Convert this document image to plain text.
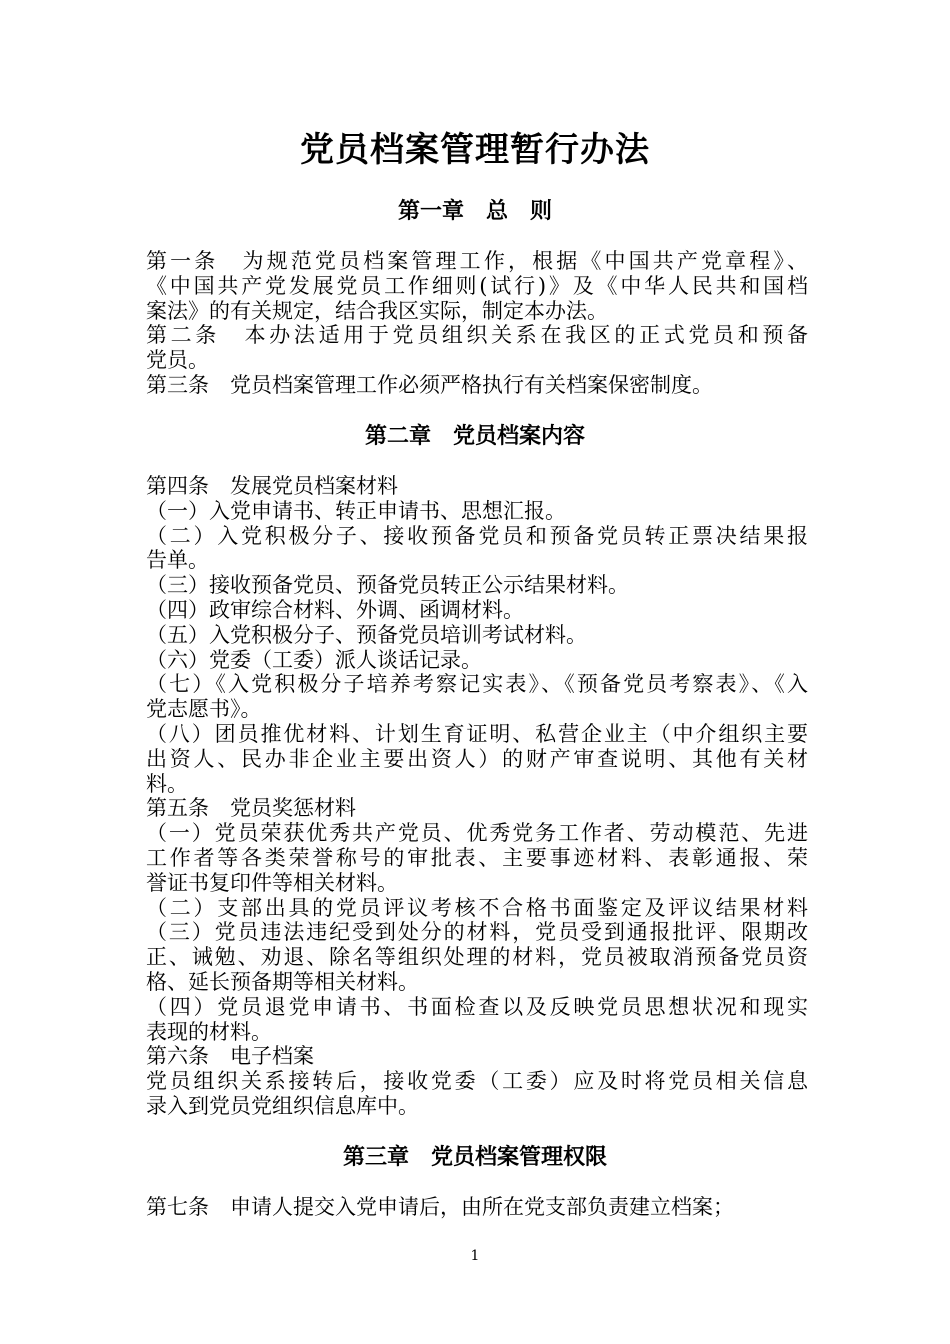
党员档案管理暂行办法
第一章　总　则
第一条　为规范党员档案管理工作，根据《中国共产党章程》、
《中国共产党发展党员工作细则(试行)》及《中华人民共和国档
案法》的有关规定，结合我区实际，制定本办法。
第二条　本办法适用于党员组织关系在我区的正式党员和预备
党员。
第三条　党员档案管理工作必须严格执行有关档案保密制度。
第二章　党员档案内容
第四条　发展党员档案材料
（一）入党申请书、转正申请书、思想汇报。
（二）入党积极分子、接收预备党员和预备党员转正票决结果报
告单。
（三）接收预备党员、预备党员转正公示结果材料。
（四）政审综合材料、外调、函调材料。
（五）入党积极分子、预备党员培训考试材料。
（六）党委（工委）派人谈话记录。
（七）《入党积极分子培养考察记实表》、《预备党员考察表》、《入
党志愿书》。
（八）团员推优材料、计划生育证明、私营企业主（中介组织主要
出资人、民办非企业主要出资人）的财产审查说明、其他有关材
料。
第五条　党员奖惩材料
（一）党员荣获优秀共产党员、优秀党务工作者、劳动模范、先进
工作者等各类荣誉称号的审批表、主要事迹材料、表彰通报、荣
誉证书复印件等相关材料。
（二）支部出具的党员评议考核不合格书面鉴定及评议结果材料
（三）党员违法违纪受到处分的材料，党员受到通报批评、限期改
正、诫勉、劝退、除名等组织处理的材料，党员被取消预备党员资
格、延长预备期等相关材料。
（四）党员退党申请书、书面检查以及反映党员思想状况和现实
表现的材料。
第六条　电子档案
党员组织关系接转后，接收党委（工委）应及时将党员相关信息
录入到党员党组织信息库中。
第三章　党员档案管理权限
第七条　申请人提交入党申请后，由所在党支部负责建立档案；
1
